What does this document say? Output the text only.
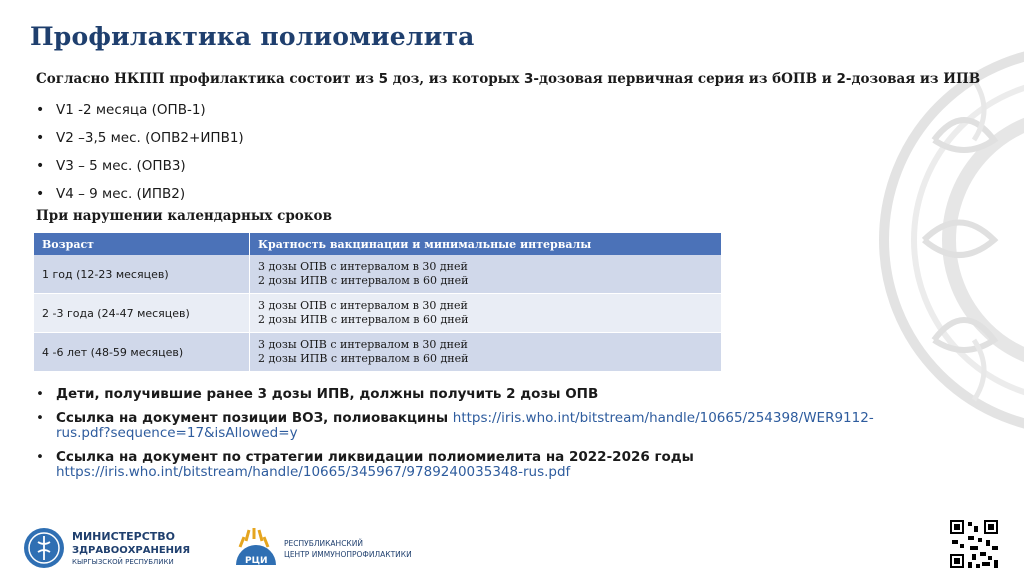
Профилактика полиомиелита
Согласно НКПП профилактика состоит из 5 доз, из которых 3-дозовая первичная серия из бОПВ и 2-дозовая из ИПВ
• V1 -2 месяца (ОПВ-1)
• V2 –3,5 мес. (ОПВ2+ИПВ1)
• V3 – 5 мес. (ОПВ3)
• V4 – 9 мес. (ИПВ2)
При нарушении календарных сроков
Возраст	Кратность вакцинации и минимальные интервалы
1 год (12-23 месяцев)	3 дозы ОПВ с интервалом в 30 дней
2 дозы ИПВ с интервалом в 60 дней

2 -3 года (24-47 месяцев)	3 дозы ОПВ с интервалом в 30 дней
2 дозы ИПВ с интервалом в 60 дней

4 -6 лет (48-59 месяцев)	3 дозы ОПВ с интервалом в 30 дней
2 дозы ИПВ с интервалом в 60 дней
• Дети, получившие ранее 3 дозы ИПВ, должны получить 2 дозы ОПВ
• Ссылка на документ позиции ВОЗ, полиовакцины https://iris.who.int/bitstream/handle/10665/254398/WER9112-rus.pdf?sequence=17&isAllowed=y
• Ссылка на документ по стратегии ликвидации полиомиелита на 2022-2026 годы
https://iris.who.int/bitstream/handle/10665/345967/9789240035348-rus.pdf
МИНИСТЕРСТВО
ЗДРАВООХРАНЕНИЯ
КЫРГЫЗСКОЙ РЕСПУБЛИКИ	РЦИ
РЕСПУБЛИКАНСКИЙ
ЦЕНТР ИММУНОПРОФИЛАКТИКИ
